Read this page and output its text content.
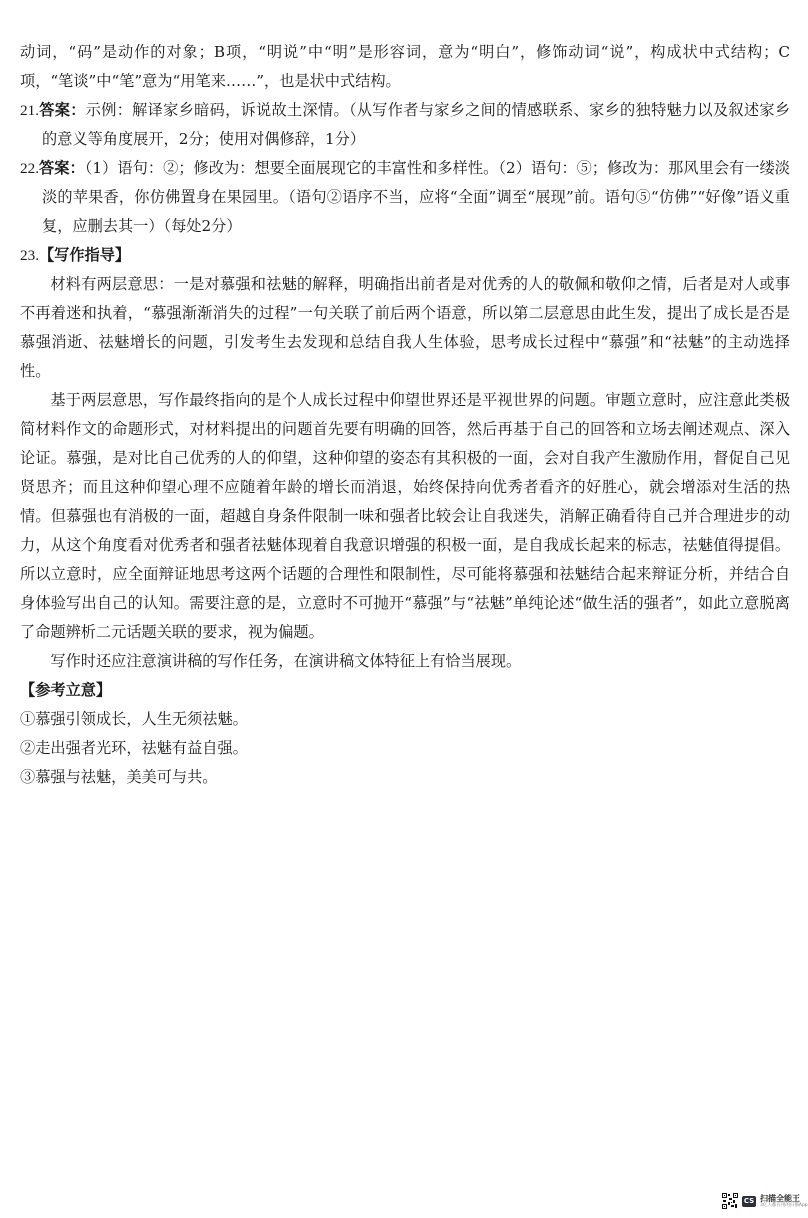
动词，“码”是动作的对象；B项，“明说”中“明”是形容词，意为“明白”，修饰动词“说”，构成状中式结构；C项，“笔谈”中“笔”意为“用笔来……”，也是状中式结构。

21.答案：示例：解译家乡暗码，诉说故土深情。（从写作者与家乡之间的情感联系、家乡的独特魅力以及叙述家乡的意义等角度展开，2分；使用对偶修辞，1分）

22.答案：（1）语句：②；修改为：想要全面展现它的丰富性和多样性。（2）语句：⑤；修改为：那风里会有一缕淡淡的苹果香，你仿佛置身在果园里。（语句②语序不当，应将“全面”调至“展现”前。语句⑤“仿佛”“好像”语义重复，应删去其一）（每处2分）

23.【写作指导】

材料有两层意思：一是对慕强和祛魅的解释，明确指出前者是对优秀的人的敬佩和敬仰之情，后者是对人或事不再着迷和执着，“慕强渐渐消失的过程”一句关联了前后两个语意，所以第二层意思由此生发，提出了成长是否是慕强消逝、祛魅增长的问题，引发考生去发现和总结自我人生体验，思考成长过程中“慕强”和“祛魅”的主动选择性。

基于两层意思，写作最终指向的是个人成长过程中仰望世界还是平视世界的问题。审题立意时，应注意此类极简材料作文的命题形式，对材料提出的问题首先要有明确的回答，然后再基于自己的回答和立场去阐述观点、深入论证。慕强，是对比自己优秀的人的仰望，这种仰望的姿态有其积极的一面，会对自我产生激励作用，督促自己见贤思齐；而且这种仰望心理不应随着年龄的增长而消退，始终保持向优秀者看齐的好胜心，就会增添对生活的热情。但慕强也有消极的一面，超越自身条件限制一味和强者比较会让自我迷失，消解正确看待自己并合理进步的动力，从这个角度看对优秀者和强者祛魅体现着自我意识增强的积极一面，是自我成长起来的标志，祛魅值得提倡。所以立意时，应全面辩证地思考这两个话题的合理性和限制性，尽可能将慕强和祛魅结合起来辩证分析，并结合自身体验写出自己的认知。需要注意的是，立意时不可抛开“慕强”与“祛魅”单纯论述“做生活的强者”，如此立意脱离了命题辨析二元话题关联的要求，视为偏题。

写作时还应注意演讲稿的写作任务，在演讲稿文体特征上有恰当展现。

【参考立意】

①慕强引领成长，人生无须祛魅。

②走出强者光环，祛魅有益自强。

③慕强与祛魅，美美可与共。

CS 扫描全能王
3亿人都在用的扫描App
